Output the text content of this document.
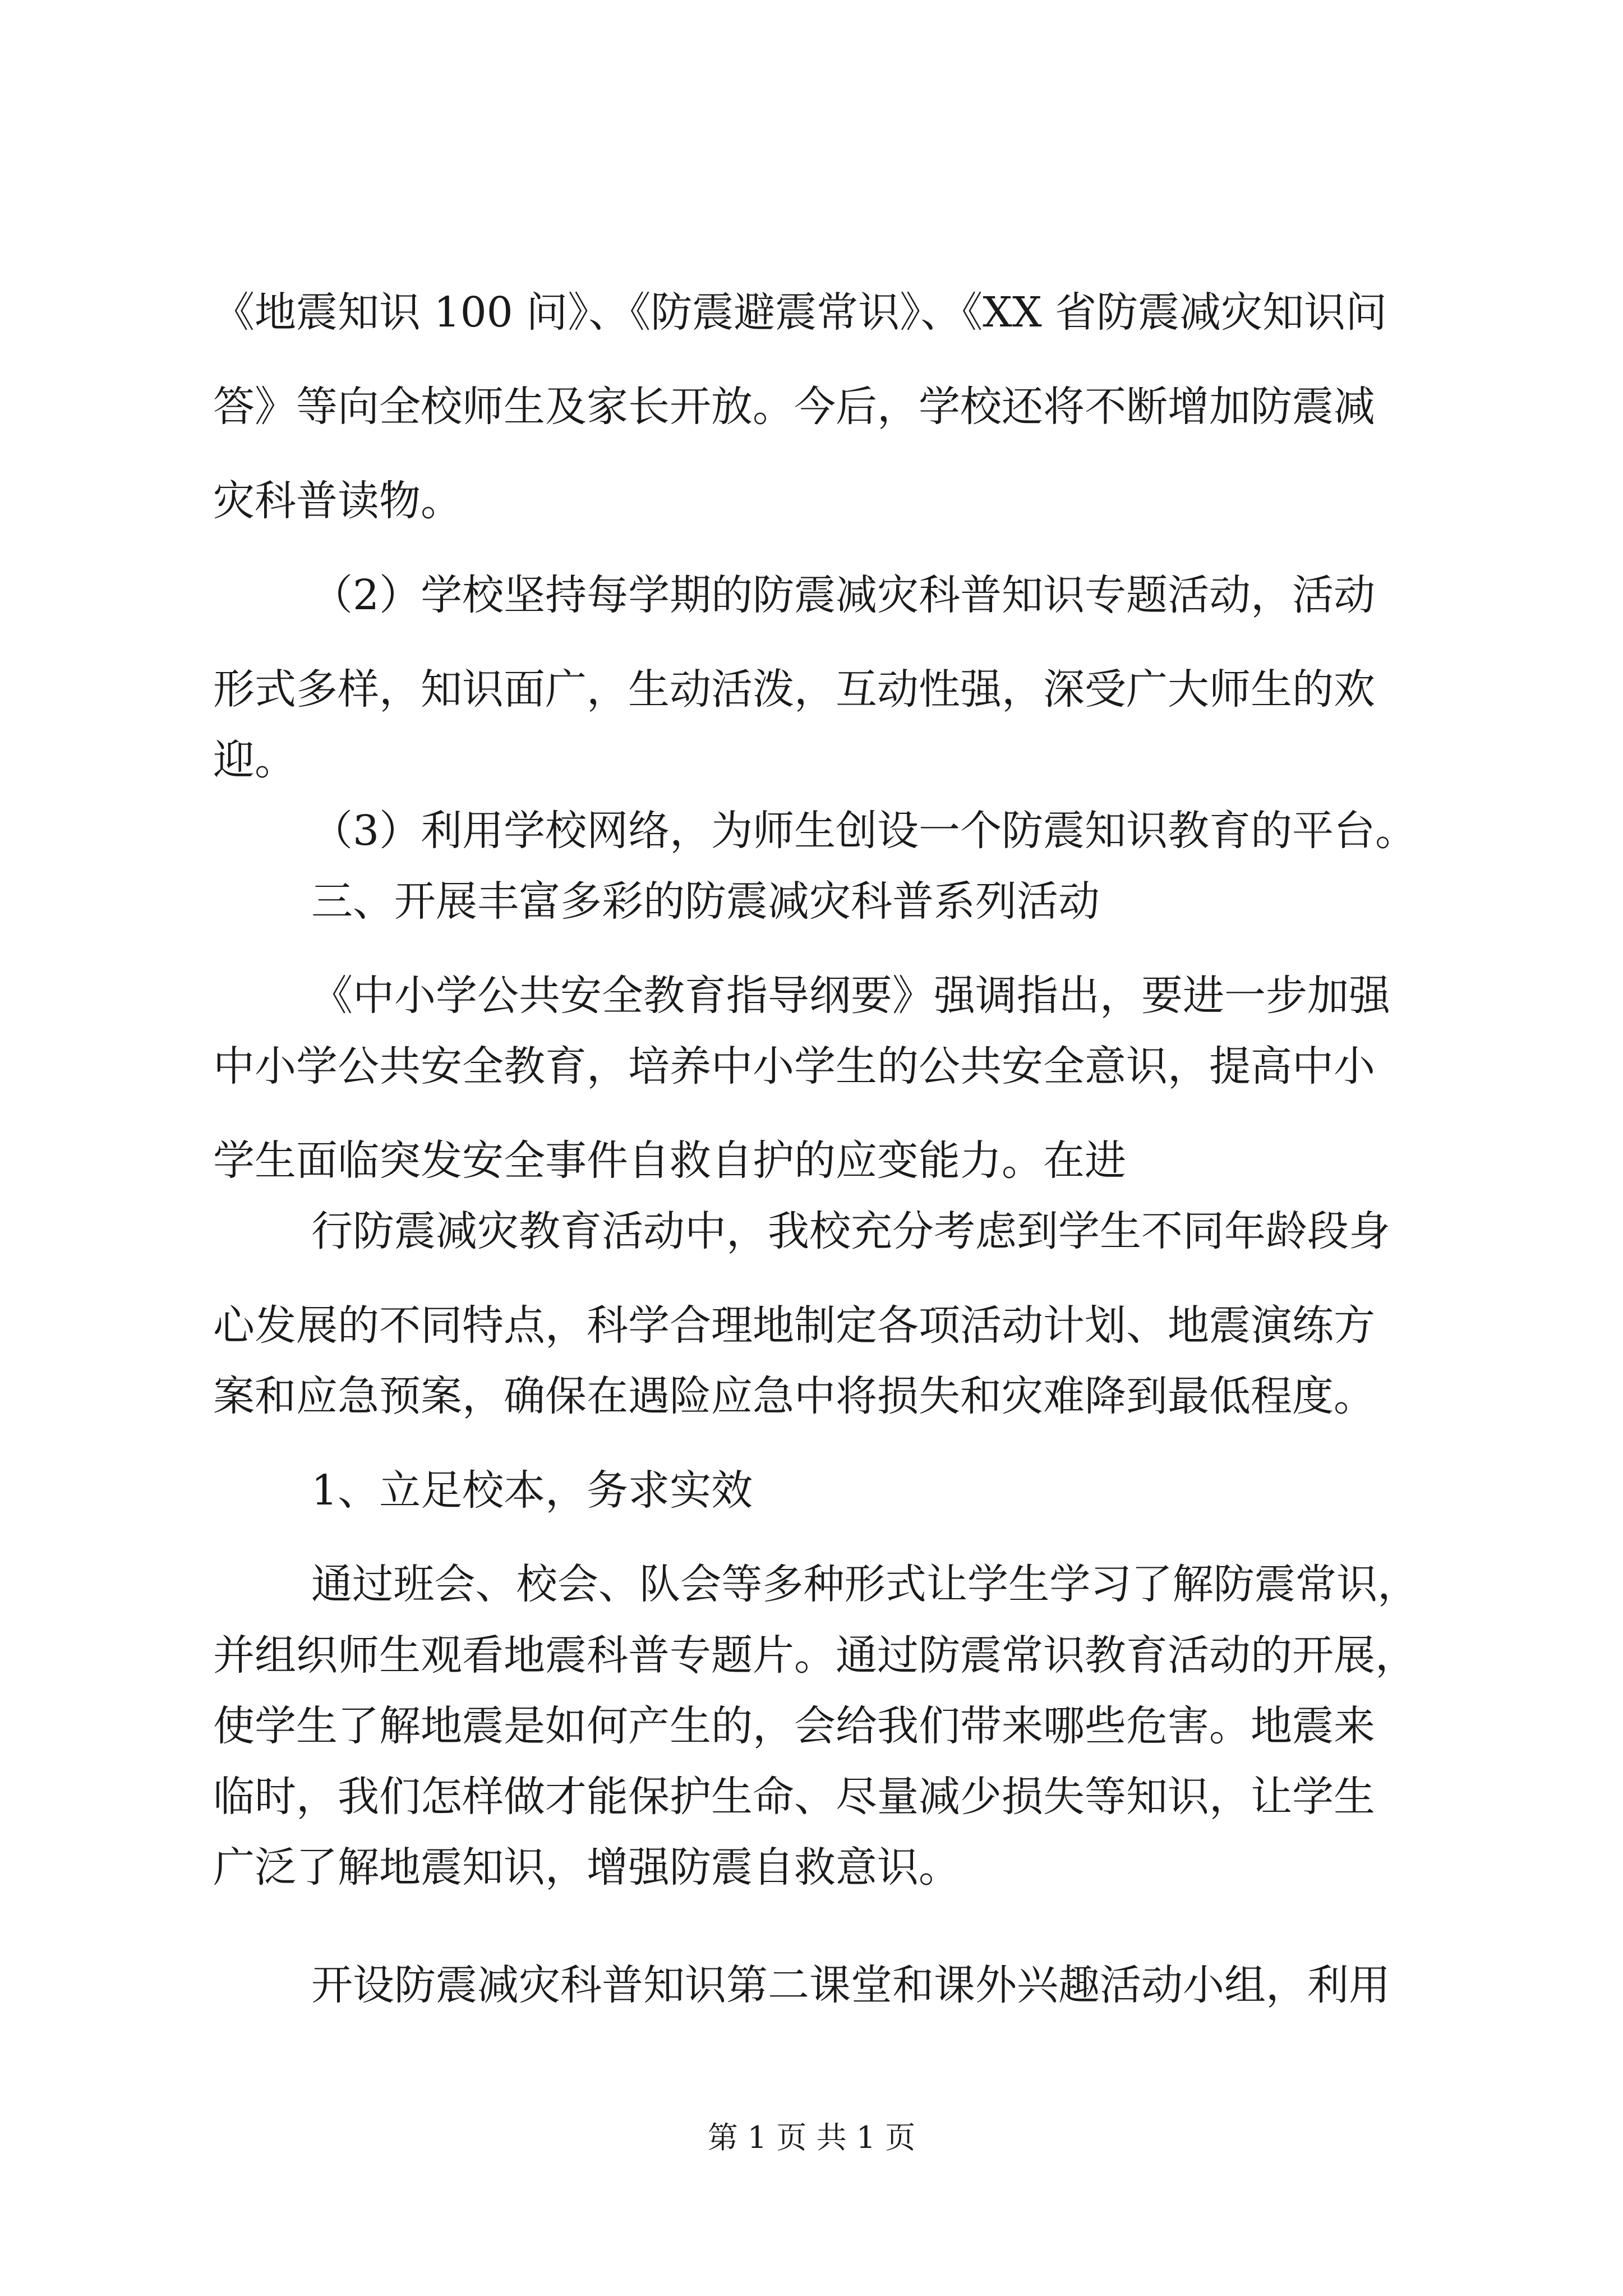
《地震知识 100 问》、《防震避震常识》、《XX 省防震减灾知识问
答》等向全校师生及家长开放。今后，学校还将不断增加防震减
灾科普读物。
（2）学校坚持每学期的防震减灾科普知识专题活动，活动
形式多样，知识面广，生动活泼，互动性强，深受广大师生的欢
迎。
（3）利用学校网络，为师生创设一个防震知识教育的平台。
三、开展丰富多彩的防震减灾科普系列活动
《中小学公共安全教育指导纲要》强调指出，要进一步加强
中小学公共安全教育，培养中小学生的公共安全意识，提高中小
学生面临突发安全事件自救自护的应变能力。在进
行防震减灾教育活动中，我校充分考虑到学生不同年龄段身
心发展的不同特点，科学合理地制定各项活动计划、地震演练方
案和应急预案，确保在遇险应急中将损失和灾难降到最低程度。
1、立足校本，务求实效
通过班会、校会、队会等多种形式让学生学习了解防震常识，
并组织师生观看地震科普专题片。通过防震常识教育活动的开展，
使学生了解地震是如何产生的，会给我们带来哪些危害。地震来
临时，我们怎样做才能保护生命、尽量减少损失等知识，让学生
广泛了解地震知识，增强防震自救意识。
开设防震减灾科普知识第二课堂和课外兴趣活动小组，利用
第 1 页 共 1 页
